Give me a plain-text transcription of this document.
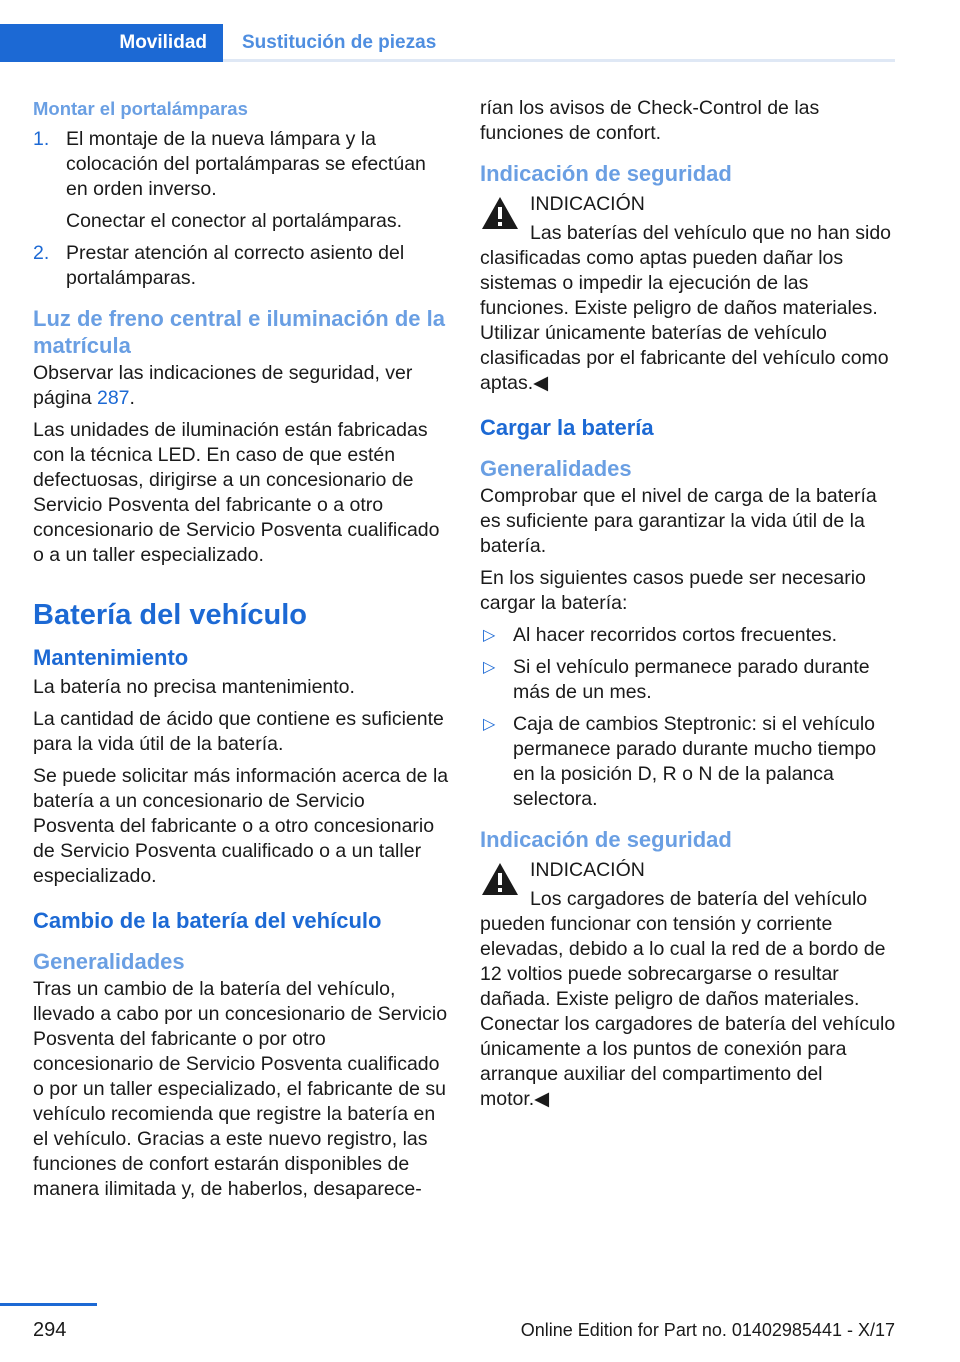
Movilidad Sustitución de piezas
Montar el portalámparas
1. El montaje de la nueva lámpara y la colocación del portalámparas se efectúan en orden inverso.

Conectar el conector al portalámparas.

2. Prestar atención al correcto asiento del portalámparas.

Luz de freno central e iluminación de la matrícula

Observar las indicaciones de seguridad, ver página 287.

Las unidades de iluminación están fabricadas con la técnica LED. En caso de que estén defectuosas, dirigirse a un concesionario de Servicio Posventa del fabricante o a otro concesionario de Servicio Posventa cualificado o a un taller especializado.

Batería del vehículo
Mantenimiento

La batería no precisa mantenimiento.

La cantidad de ácido que contiene es suficiente para la vida útil de la batería.

Se puede solicitar más información acerca de la batería a un concesionario de Servicio Posventa del fabricante o a otro concesionario de Servicio Posventa cualificado o a un taller especializado.

Cambio de la batería del vehículo
Generalidades

Tras un cambio de la batería del vehículo, llevado a cabo por un concesionario de Servicio Posventa del fabricante o por otro concesionario de Servicio Posventa cualificado o por un taller especializado, el fabricante de su vehículo recomienda que registre la batería en el vehículo. Gracias a este nuevo registro, las funciones de confort estarán disponibles de manera ilimitada y, de haberlos, desaparece-

rían los avisos de Check-Control de las funciones de confort.

Indicación de seguridad
INDICACIÓN

Las baterías del vehículo que no han sido clasificadas como aptas pueden dañar los sistemas o impedir la ejecución de las funciones. Existe peligro de daños materiales. Utilizar únicamente baterías de vehículo clasificadas por el fabricante del vehículo como aptas.◀

Cargar la batería
Generalidades

Comprobar que el nivel de carga de la batería es suficiente para garantizar la vida útil de la batería.

En los siguientes casos puede ser necesario cargar la batería:

▷ Al hacer recorridos cortos frecuentes.

▷ Si el vehículo permanece parado durante más de un mes.

▷ Caja de cambios Steptronic: si el vehículo permanece parado durante mucho tiempo en la posición D, R o N de la palanca selectora.

Indicación de seguridad
INDICACIÓN

Los cargadores de batería del vehículo pueden funcionar con tensión y corriente elevadas, debido a lo cual la red de a bordo de 12 voltios puede sobrecargarse o resultar dañada. Existe peligro de daños materiales. Conectar los cargadores de batería del vehículo únicamente a los puntos de conexión para arranque auxiliar del compartimento del motor.◀

294	Online Edition for Part no. 01402985441 - X/17
